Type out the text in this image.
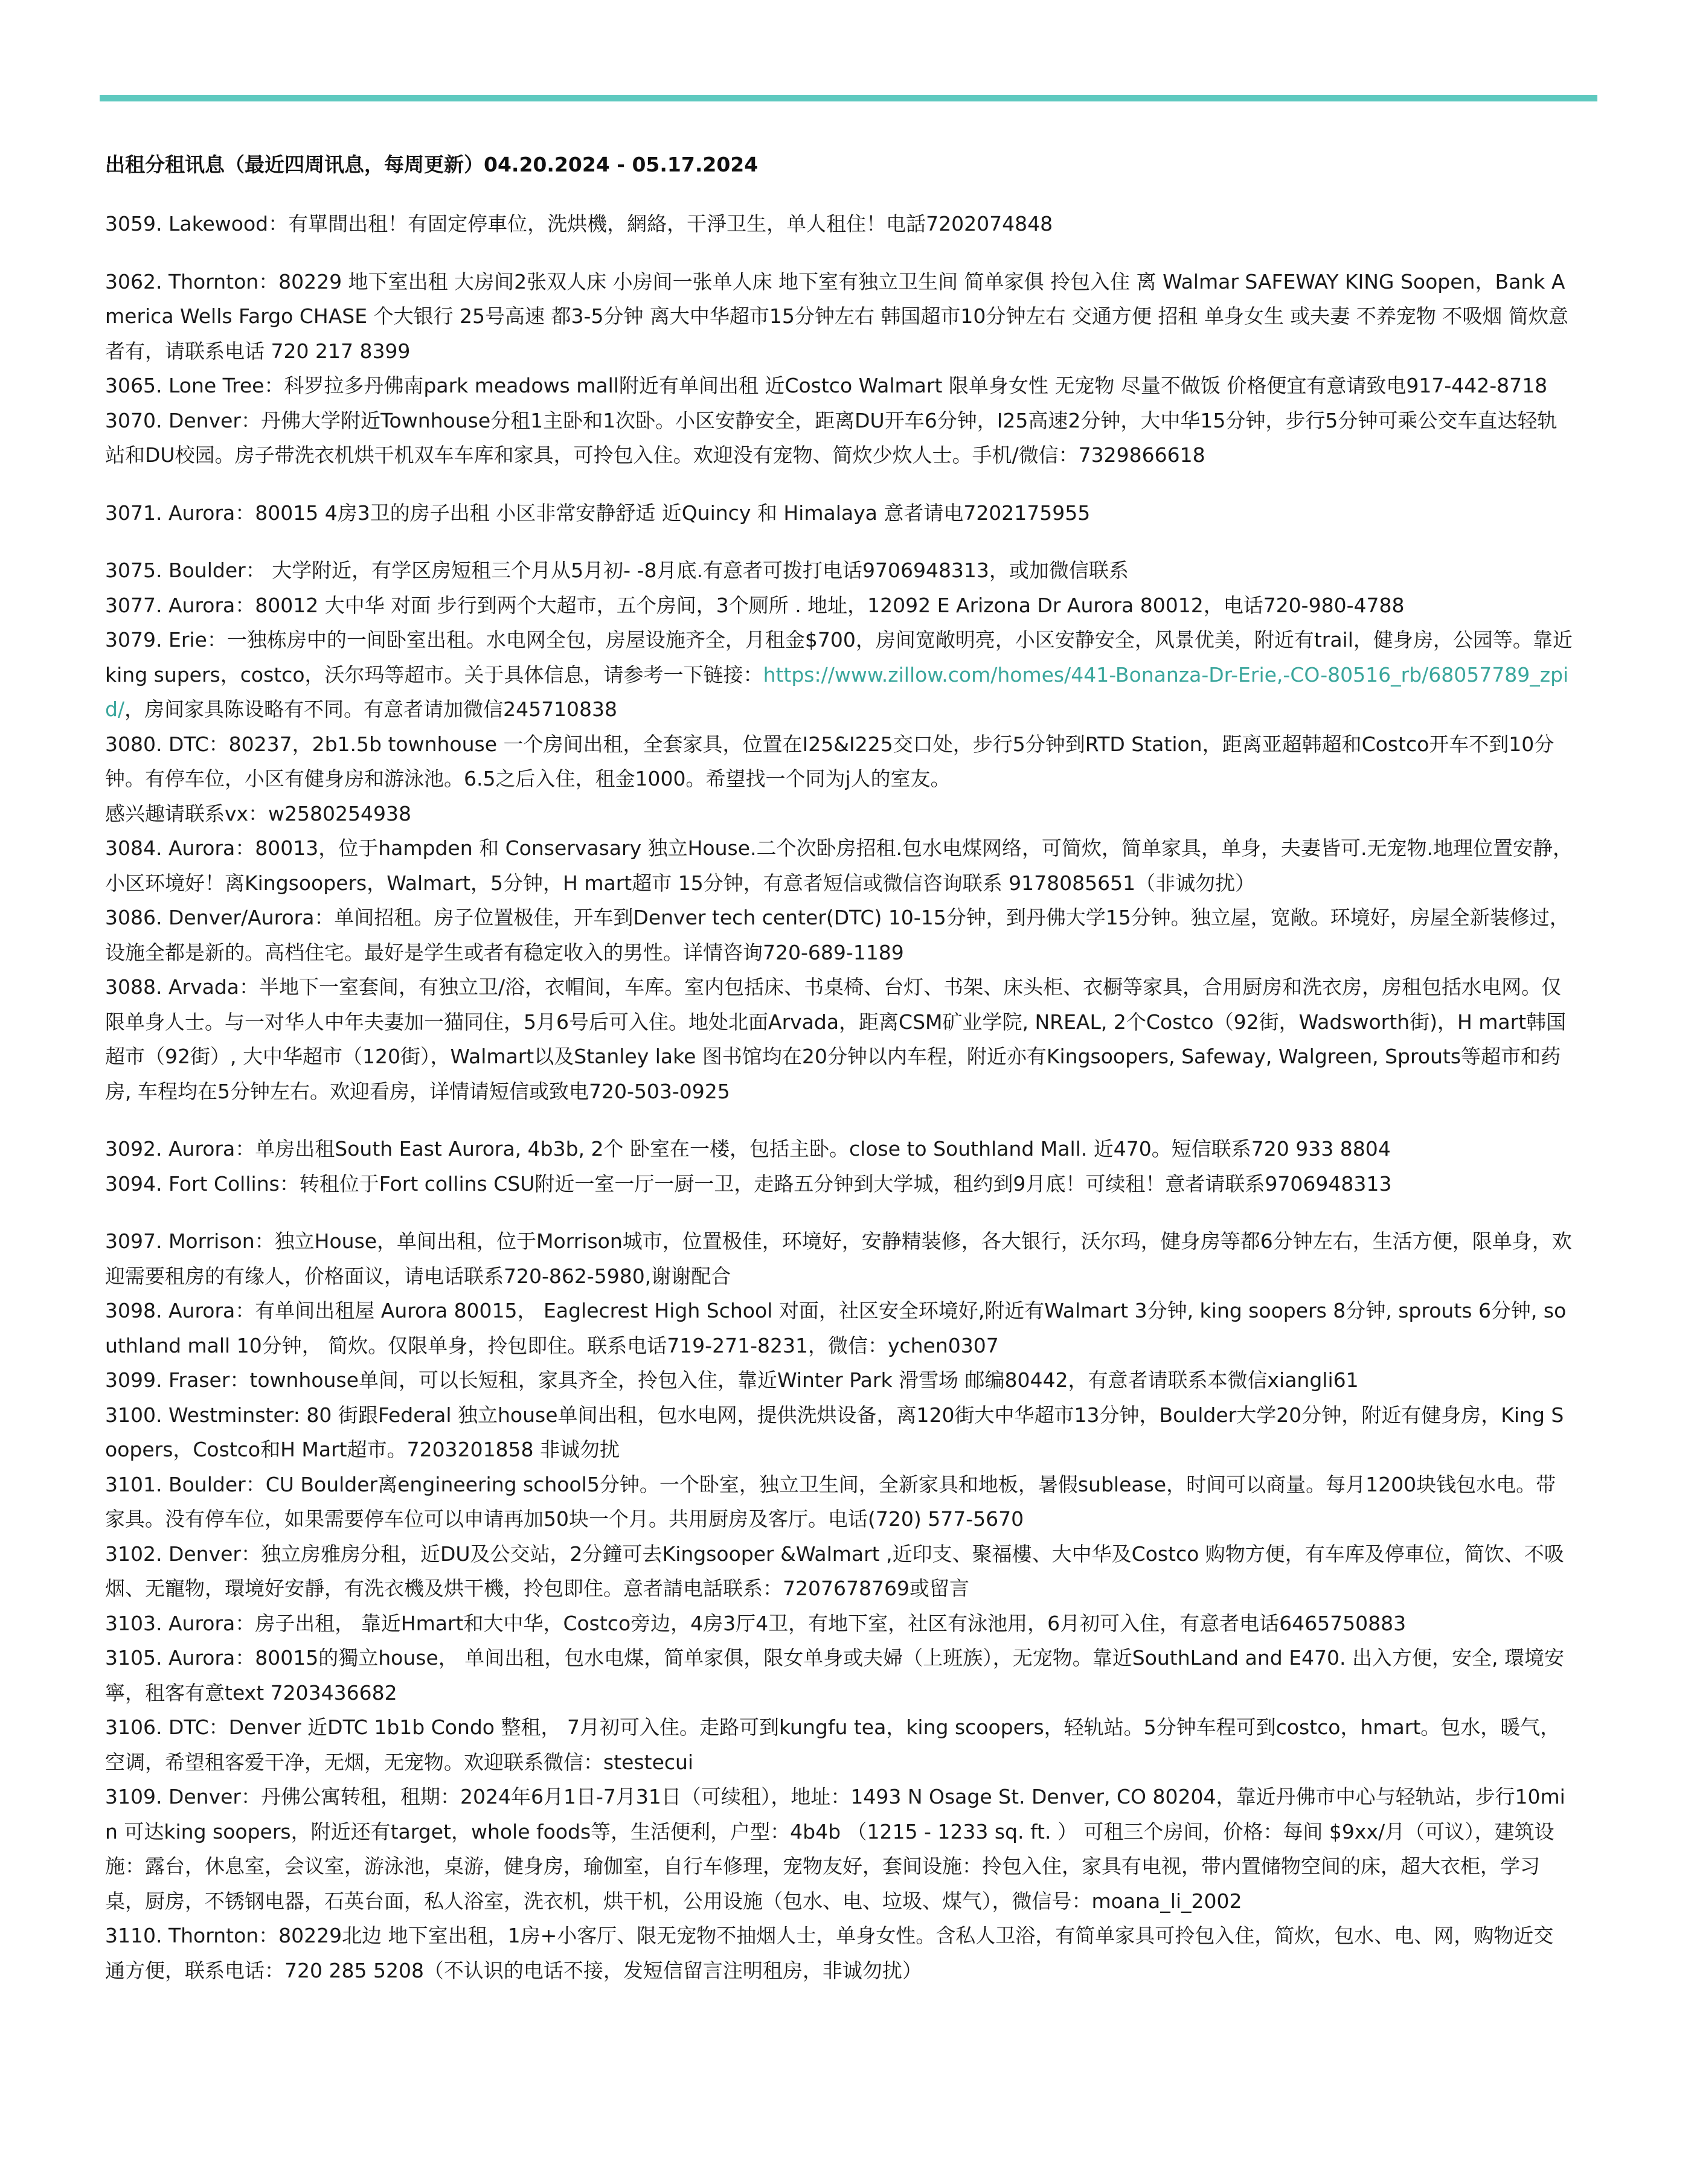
出租分租讯息（最近四周讯息，每周更新）04.20.2024 - 05.17.2024

3059. Lakewood：有單間出租！有固定停車位，洗烘機，網絡，干淨卫生，单人租住！电話7202074848

3062. Thornton：80229 地下室出租 大房间2张双人床 小房间一张单人床 地下室有独立卫生间 简单家俱 拎包入住 离 Walmar SAFEWAY KING Soopen，Bank America Wells Fargo CHASE 个大银行 25号高速 都3-5分钟 离大中华超市15分钟左右 韩国超市10分钟左右 交通方便 招租 单身女生 或夫妻 不养宠物 不吸烟 简炊意者有，请联系电话 720 217 8399

3065. Lone Tree：科罗拉多丹佛南park meadows mall附近有单间出租 近Costco Walmart 限单身女性 无宠物 尽量不做饭 价格便宜有意请致电917-442-8718

3070. Denver：丹佛大学附近Townhouse分租1主卧和1次卧。小区安静安全，距离DU开车6分钟，I25高速2分钟，大中华15分钟，步行5分钟可乘公交车直达轻轨站和DU校园。房子带洗衣机烘干机双车车库和家具，可拎包入住。欢迎没有宠物、简炊少炊人士。手机/微信：7329866618

3071. Aurora：80015 4房3卫的房子出租 小区非常安静舒适 近Quincy 和 Himalaya 意者请电7202175955

3075. Boulder： 大学附近，有学区房短租三个月从5月初- -8月底.有意者可拨打电话9706948313，或加微信联系

3077. Aurora：80012 大中华 对面 步行到两个大超市，五个房间，3个厕所 . 地址，12092 E Arizona Dr Aurora 80012，电话720-980-4788

3079. Erie：一独栋房中的一间卧室出租。水电网全包，房屋设施齐全，月租金$700，房间宽敞明亮，小区安静安全，风景优美，附近有trail，健身房，公园等。靠近king supers，costco，沃尔玛等超市。关于具体信息，请参考一下链接：https://www.zillow.com/homes/441-Bonanza-Dr-Erie,-CO-80516_rb/68057789_zpid/，房间家具陈设略有不同。有意者请加微信245710838

3080. DTC：80237，2b1.5b townhouse 一个房间出租，全套家具，位置在I25&I225交口处，步行5分钟到RTD Station，距离亚超韩超和Costco开车不到10分钟。有停车位，小区有健身房和游泳池。6.5之后入住，租金1000。希望找一个同为j人的室友。

感兴趣请联系vx：w2580254938

3084. Aurora：80013，位于hampden 和 Conservasary 独立House.二个次卧房招租.包水电煤网络，可简炊，简单家具，单身，夫妻皆可.无宠物.地理位置安静，小区环境好！离Kingsoopers，Walmart，5分钟，H mart超市 15分钟，有意者短信或微信咨询联系 9178085651（非诚勿扰）

3086. Denver/Aurora：单间招租。房子位置极佳，开车到Denver tech center(DTC) 10-15分钟，到丹佛大学15分钟。独立屋，宽敞。环境好，房屋全新装修过，设施全都是新的。高档住宅。最好是学生或者有稳定收入的男性。详情咨询720-689-1189

3088. Arvada：半地下一室套间，有独立卫/浴，衣帽间，车库。室内包括床、书桌椅、台灯、书架、床头柜、衣橱等家具，合用厨房和洗衣房，房租包括水电网。仅限单身人士。与一对华人中年夫妻加一猫同住，5月6号后可入住。地处北面Arvada，距离CSM矿业学院, NREAL, 2个Costco（92街，Wadsworth街)，H mart韩国超市（92街）, 大中华超市（120街），Walmart以及Stanley lake 图书馆均在20分钟以内车程，附近亦有Kingsoopers, Safeway, Walgreen, Sprouts等超市和药房, 车程均在5分钟左右。欢迎看房，详情请短信或致电720-503-0925

3092. Aurora：单房出租South East Aurora, 4b3b, 2个 卧室在一楼，包括主卧。close to Southland Mall. 近470。短信联系720 933 8804

3094. Fort Collins：转租位于Fort collins CSU附近一室一厅一厨一卫，走路五分钟到大学城，租约到9月底！可续租！意者请联系9706948313

3097. Morrison：独立House，单间出租，位于Morrison城市，位置极佳，环境好，安静精装修，各大银行，沃尔玛，健身房等都6分钟左右，生活方便，限单身，欢迎需要租房的有缘人，价格面议，请电话联系720-862-5980,谢谢配合

3098. Aurora：有单间出租屋 Aurora 80015， Eaglecrest High School 对面，社区安全环境好,附近有Walmart 3分钟, king soopers 8分钟, sprouts 6分钟, southland mall 10分钟， 简炊。仅限单身，拎包即住。联系电话719-271-8231，微信：ychen0307

3099. Fraser：townhouse单间，可以长短租，家具齐全，拎包入住，靠近Winter Park 滑雪场 邮编80442，有意者请联系本微信xiangli61

3100. Westminster: 80 街跟Federal 独立house单间出租，包水电网，提供洗烘设备，离120街大中华超市13分钟，Boulder大学20分钟，附近有健身房，King Soopers，Costco和H Mart超市。7203201858 非诚勿扰

3101. Boulder：CU Boulder离engineering school5分钟。一个卧室，独立卫生间，全新家具和地板，暑假sublease，时间可以商量。每月1200块钱包水电。带家具。没有停车位，如果需要停车位可以申请再加50块一个月。共用厨房及客厅。电话(720) 577-5670

3102. Denver：独立房雅房分租，近DU及公交站，2分鐘可去Kingsooper &Walmart ,近印支、聚福樓、大中华及Costco 购物方便，有车库及停車位，简饮、不吸烟、无寵物，環境好安靜，有洗衣機及烘干機，拎包即住。意者請电話联系：7207678769或留言

3103. Aurora：房子出租， 靠近Hmart和大中华，Costco旁边，4房3厅4卫，有地下室，社区有泳池用，6月初可入住，有意者电话6465750883

3105. Aurora：80015的獨立house， 单间出租，包水电煤，简单家俱，限女单身或夫婦（上班族），无宠物。靠近SouthLand and E470. 出入方便，安全, 環境安寧，租客有意text 7203436682

3106. DTC：Denver 近DTC 1b1b Condo 整租， 7月初可入住。走路可到kungfu tea，king scoopers，轻轨站。5分钟车程可到costco，hmart。包水，暖气，空调，希望租客爱干净，无烟，无宠物。欢迎联系微信：stestecui

3109. Denver：丹佛公寓转租，租期：2024年6月1日-7月31日（可续租），地址：1493 N Osage St. Denver, CO 80204，靠近丹佛市中心与轻轨站，步行10min 可达king soopers，附近还有target，whole foods等，生活便利，户型：4b4b （1215 - 1233 sq. ft. ） 可租三个房间，价格：每间 $9xx/月（可议），建筑设施：露台，休息室，会议室，游泳池，桌游，健身房，瑜伽室，自行车修理，宠物友好，套间设施：拎包入住，家具有电视，带内置储物空间的床，超大衣柜，学习桌，厨房，不锈钢电器，石英台面，私人浴室，洗衣机，烘干机，公用设施（包水、电、垃圾、煤气），微信号：moana_li_2002

3110. Thornton：80229北边 地下室出租，1房+小客厅、限无宠物不抽烟人士，单身女性。含私人卫浴，有简单家具可拎包入住，简炊，包水、电、网，购物近交通方便，联系电话：720 285 5208（不认识的电话不接，发短信留言注明租房，非诚勿扰）
